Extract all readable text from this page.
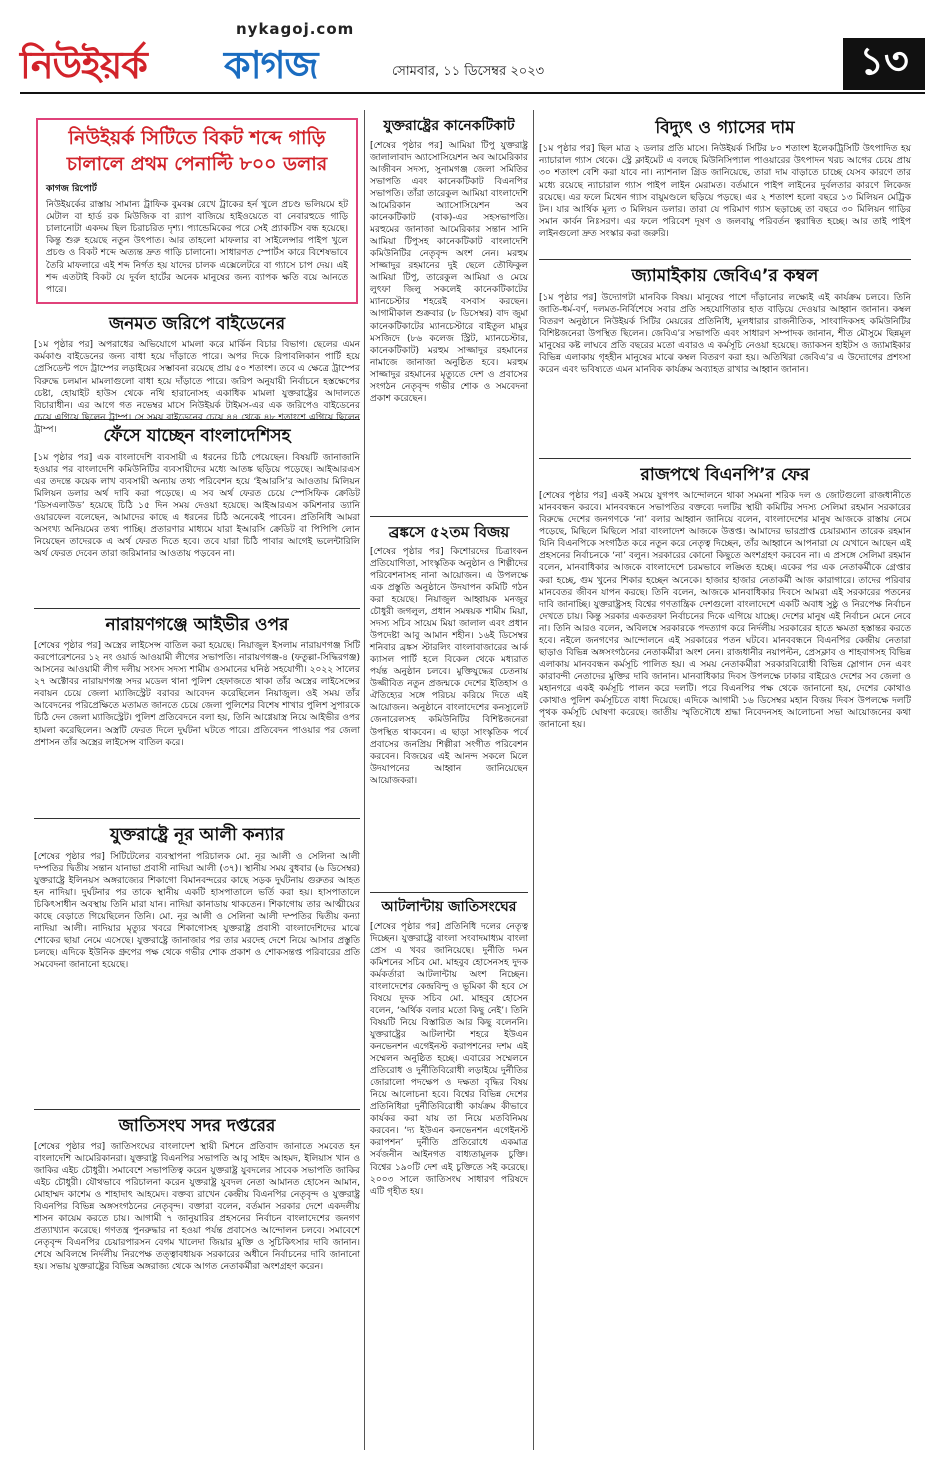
নিউইয়র্ক কাগজ
nykagoj.com
সোমবার, ১১ ডিসেম্বর ২০২৩	১৩
নিউইয়র্ক সিটিতে বিকট শব্দে গাড়ি চালালে প্রথম পেনাল্টি ৮০০ ডলার
কাগজ রিপোর্ট
নিউইয়র্কের রাস্তায় সামান্য ট্রাফিক বুমবক্স রেখে ট্রাকের হর্ন খুলে প্রচণ্ড ভলিয়মে হট মেটাল বা হার্ড রক মিউজিক বা র‍্যাপ বাজিয়ে হাইওয়েতে বা নেবারহুডে গাড়ি চালানোটা একদম ছিল চিরাচরিত দৃশ্য। প্যান্ডেমিকের পরে সেই প্র্যাকটিস বন্ধ হয়েছে। কিন্তু শুরু হয়েছে নতুন উৎপাত। আর তাহলো মাফলার বা সাইলেন্সার পাইপ খুলে প্রচণ্ড ও বিকট শব্দে অত্যন্ত দ্রুত গাড়ি চালানো। সাধারণত স্পোর্টস কারে বিশেষভাবে তৈরি মাফলারে এই শব্দ নির্গত হয় যাদের চালক এক্সেলেটরে বা গ্যাসে চাপ দেয়। এই শব্দ এতটাই বিকট যে দুর্বল হার্টের অনেক মানুষের জন্য ব্যাপক ক্ষতি বয়ে আনতে পারে।
জনমত জরিপে বাইডেনের
[১ম পৃষ্ঠার পর] অপরাধের অভিযোগে মামলা করে মার্কিন বিচার বিভাগ। ছেলের এমন কর্মকাণ্ড বাইডেনের জন্য বাধা হয়ে দাঁড়াতে পারে। অপর দিকে রিপাবলিকান পার্টি হয়ে প্রেসিডেন্ট পদে ট্রাম্পের লড়াইয়ের সম্ভাবনা রয়েছে প্রায় ৫০ শতাংশ। তবে এ ক্ষেত্রে ট্রাম্পের বিরুদ্ধে চলমান মামলাগুলো বাধা হয়ে দাঁড়াতে পারে। জরিপ অনুযায়ী নির্বাচনে হস্তক্ষেপের চেষ্টা, হোয়াইট হাউস থেকে নথি হারানোসহ একাধিক মামলা যুক্তরাষ্ট্রের আদালতে বিচারাধীন। এর আগে গত নভেম্বর মাসে নিউইয়র্ক টাইমস-এর এক জরিপেও বাইডেনের চেয়ে এগিয়ে ছিলেন ট্রাম্প। সে সময় বাইডেনের চেয়ে ৪৪ থেকে ৪৮ শতাংশে এগিয়ে ছিলেন ট্রাম্প।	ফেঁসে যাচ্ছেন বাংলাদেশিসহ
[১ম পৃষ্ঠার পর] এক বাংলাদেশি ব্যবসায়ী এ ধরনের চিঠি পেয়েছেন। বিষয়টি জানাজানি হওয়ার পর বাংলাদেশি কমিউনিটির ব্যবসায়ীদের মধ্যে আতঙ্ক ছড়িয়ে পড়েছে। আইআরএস এর তদন্তে কয়েক লাখ ব্যবসায়ী অন্যায় তথ্য পরিবেশন হয়ে ‘ইআরসি’র আওতায় মিলিয়ন মিলিয়ন ডলার অর্থ দাবি করা পড়েছে। এ সব অর্থ ফেরত চেয়ে স্পেসিফিক ক্রেডিট ‘ডিসএলাউড’ হয়েছে চিঠি ১৫ দিন সময় দেওয়া হয়েছে। আইআরএস কমিশনার ড্যানি ওয়ারফেল বলেছেন, আমাদের কাছে এ ধরনের চিঠি অনেকেই পাবেন। প্রতিনিধি আমরা অসংখ্য অনিয়মের তথ্য পাচ্ছি। প্রতারণার মাধ্যমে যারা ইআরসি ক্রেডিট বা পিপিপি লোন নিয়েছেন তাদেরকে এ অর্থ ফেরত দিতে হবে। তবে যারা চিঠি পাবার আগেই ভলেন্টারিলি অর্থ ফেরত দেবেন তারা জরিমানার আওতায় পড়বেন না।
নারায়ণগঞ্জে আইভীর ওপর
[শেষের পৃষ্ঠার পর] অস্ত্রের লাইসেন্স বাতিল করা হয়েছে। নিয়াজুল ইসলাম নারায়ণগঞ্জ সিটি করপোরেশনের ১২ নং ওয়ার্ড আওয়ামী লীগের সভাপতি। নারায়ণগঞ্জ-৪ (ফতুল্লা-সিদ্ধিরগঞ্জ) আসনের আওয়ামী লীগ দলীয় সংসদ সদস্য শামীম ওসমানের ঘনিষ্ঠ সহযোগী। ২০২২ সালের ২৭ অক্টোবর নারায়ণগঞ্জ সদর মডেল থানা পুলিশ হেফাজতে থাকা তাঁর অস্ত্রের লাইসেন্সের নবায়ন চেয়ে জেলা ম্যাজিস্ট্রেট বরাবর আবেদন করেছিলেন নিয়াজুল। ওই সময় তাঁর আবেদনের পরিপ্রেক্ষিতে মতামত জানতে চেয়ে জেলা পুলিশের বিশেষ শাখার পুলিশ সুপারকে চিঠি দেন জেলা ম্যাজিস্ট্রেট। পুলিশ প্রতিবেদনে বলা হয়, তিনি আগ্নেয়াস্ত্র নিয়ে আইভীর ওপর হামলা করেছিলেন। অস্ত্রটি ফেরত দিলে দুর্ঘটনা ঘটতে পারে। প্রতিবেদন পাওয়ার পর জেলা প্রশাসন তাঁর অস্ত্রের লাইসেন্স বাতিল করে।
যুক্তরাষ্ট্রে নূর আলী কন্যার
[শেষের পৃষ্ঠার পর] সিটিটেলের ব্যবস্থাপনা পরিচালক মো. নূর আলী ও সেলিনা আলী দম্পতির দ্বিতীয় সন্তান যানাভা প্রবাসী নাদিয়া আলী (৩৭)। স্থানীয় সময় বুধবার (৬ ডিসেম্বর) যুক্তরাষ্ট্রে ইলিনয়স অঙ্গরাজ্যের শিকাগো বিমানবন্দরের কাছে সড়ক দুর্ঘটনায় গুরুতর আহত হন নাদিয়া। দুর্ঘটনার পর তাকে স্থানীয় একটি হাসপাতালে ভর্তি করা হয়। হাসপাতালে চিকিৎসাধীন অবস্থায় তিনি মারা যান। নাদিয়া কানাডায় থাকতেন। শিকাগোয় তার আত্মীয়ের কাছে বেড়াতে গিয়েছিলেন তিনি। মো. নূর আলী ও সেলিনা আলী দম্পতির দ্বিতীয় কন্যা নাদিয়া আলী। নাদিয়ার মৃত্যুর খবরে শিকাগোসহ যুক্তরাষ্ট্র প্রবাসী বাংলাদেশিদের মাঝে শোকের ছায়া নেমে এসেছে। যুক্তরাষ্ট্রে জানাজার পর তার মরদেহ দেশে নিয়ে আসার প্রস্তুতি চলছে। এদিকে ইউনিক গ্রুপের পক্ষ থেকে গভীর শোক প্রকাশ ও শোকসন্তপ্ত পরিবারের প্রতি সমবেদনা জানানো হয়েছে।
জাতিসংঘ সদর দপ্তরের
[শেষের পৃষ্ঠার পর] জাতিসংঘের বাংলাদেশ স্থায়ী মিশনে প্রতিবাদ জানাতে সমবেত হন বাংলাদেশি আমেরিকানরা। যুক্তরাষ্ট্র বিএনপির সভাপতি আবু সাইদ আহমদ, ইলিয়াস খান ও জাকির এইচ চৌধুরী। সমাবেশে সভাপতিত্ব করেন যুক্তরাষ্ট্র যুবদলের সাবেক সভাপতি জাকির এইচ চৌধুরী। যৌথভাবে পরিচালনা করেন যুক্তরাষ্ট্র যুবদল নেতা আমানত হোসেন আমান, মোহাম্মদ কাশেম ও শাহাদাৎ আহমেদ। বক্তব্য রাখেন কেন্দ্রীয় বিএনপির নেতৃবৃন্দ ও যুক্তরাষ্ট্র বিএনপির বিভিন্ন অঙ্গসংগঠনের নেতৃবৃন্দ। বক্তারা বলেন, বর্তমান সরকার দেশে একদলীয় শাসন কায়েম করতে চায়। আগামী ৭ জানুয়ারির প্রহসনের নির্বাচন বাংলাদেশের জনগণ প্রত্যাখ্যান করেছে। গণতন্ত্র পুনরুদ্ধার না হওয়া পর্যন্ত প্রবাসেও আন্দোলন চলবে। সমাবেশে নেতৃবৃন্দ বিএনপির চেয়ারপারসন বেগম খালেদা জিয়ার মুক্তি ও সুচিকিৎসার দাবি জানান। শেষে অবিলম্বে নির্দলীয় নিরপেক্ষ তত্ত্বাবধায়ক সরকারের অধীনে নির্বাচনের দাবি জানানো হয়। সভায় যুক্তরাষ্ট্রের বিভিন্ন অঙ্গরাজ্য থেকে আগত নেতাকর্মীরা অংশগ্রহণ করেন।
যুক্তরাষ্ট্রের কানেকটিকাট
[শেষের পৃষ্ঠার পর] আমিয়া টিপু যুক্তরাষ্ট্র জালালাবাদ অ্যাসোসিয়েশন অব আমেরিকার আজীবন সদস্য, সুনামগঞ্জ জেলা সমিতির সভাপতি এবং কানেকটিকাট বিএনপির সভাপতি। তাঁরা তারেকুল আমিয়া বাংলাদেশি আমেরিকান অ্যাসোসিয়েশন অব কানেকটিকাট (বাক)-এর সহসভাপতি। মরহুমের জানাজা আমেরিকার সন্তান সানি আমিয়া টিপুসহ কানেকটিকাট বাংলাদেশি কমিউনিটির নেতৃবৃন্দ অংশ নেন। মরহুম সাজ্জাদুর রহমানের দুই ছেলে তৌফিকুল আমিয়া টিপু, তারেকুল আমিয়া ও মেয়ে লুৎফা জিলু সকলেই কানেকটিকাটের ম্যানচেস্টার শহরেই বসবাস করছেন। আগামীকাল শুক্রবার (৮ ডিসেম্বর) বাদ জুমা কানেকটিকাটের ম্যানচেস্টারে বাইতুল মামুর মসজিদে (৮৬ কলেজ স্ট্রিট, ম্যানচেস্টার, কানেকটিকাট) মরহুম সাজ্জাদুর রহমানের নামাজে জানাজা অনুষ্ঠিত হবে। মরহুম সাজ্জাদুর রহমানের মৃত্যুতে দেশ ও প্রবাসের সংগঠন নেতৃবৃন্দ গভীর শোক ও সমবেদনা প্রকাশ করেছেন।
ব্রঙ্কসে ৫২তম বিজয়
[শেষের পৃষ্ঠার পর] কিশোরদের চিত্রাংকন প্রতিযোগিতা, সাংস্কৃতিক অনুষ্ঠান ও শিল্পীদের পরিবেশনাসহ নানা আয়োজন। এ উপলক্ষে এক প্রস্তুতি অনুষ্ঠানে উদযাপন কমিটি গঠন করা হয়েছে। নিয়াজুল আহ্বায়ক মনজুর চৌধুরী জগলুল, প্রধান সমন্বয়ক শামীম মিয়া, সদস্য সচিব সায়েম মিয়া জালাল এবং প্রধান উপদেষ্টা আবু আমান শহীন। ১৬ই ডিসেম্বর শনিবার ব্রঙ্কস স্টারলিং বাংলাবাজারের আর্ক ক্যাসল পার্টি হলে বিকেল থেকে মধ্যরাত পর্যন্ত অনুষ্ঠান চলবে। মুক্তিযুদ্ধের চেতনায় উজ্জীবিত নতুন প্রজন্মকে দেশের ইতিহাস ও ঐতিহ্যের সঙ্গে পরিচয় করিয়ে দিতে এই আয়োজন। অনুষ্ঠানে বাংলাদেশের কনস্যুলেট জেনারেলসহ কমিউনিটির বিশিষ্টজনেরা উপস্থিত থাকবেন। এ ছাড়া সাংস্কৃতিক পর্বে প্রবাসের জনপ্রিয় শিল্পীরা সংগীত পরিবেশন করবেন। বিজয়ের এই আনন্দ সকলে মিলে উদযাপনের আহ্বান জানিয়েছেন আয়োজকরা।
আটলান্টায় জাতিসংঘের
[শেষের পৃষ্ঠার পর] প্রতিনিধি দলের নেতৃত্ব দিচ্ছেন। যুক্তরাষ্ট্রে বাংলা সংবাদমাধ্যম বাংলা প্রেস এ খবর জানিয়েছে। দুর্নীতি দমন কমিশনের সচিব মো. মাহবুব হোসেনসহ দুদক কর্মকর্তারা আটলান্টায় অংশ নিচ্ছেন। বাংলাদেশের কেন্দ্রবিন্দু ও ভূমিকা কী হবে সে বিষয়ে দুদক সচিব মো. মাহবুব হোসেন বলেন, ‘অর্থিক বলার মতো কিছু নেই’। তিনি বিষয়টি নিয়ে বিস্তারিত আর কিছু বলেননি। যুক্তরাষ্ট্রের আটলান্টা শহরে ইউএন কনভেনশন এগেইনস্ট করাপশনের দশম এই সম্মেলন অনুষ্ঠিত হচ্ছে। এবারের সম্মেলনে প্রতিরোধ ও দুর্নীতিবিরোধী লড়াইয়ে দুর্নীতির জোরালো পদক্ষেপ ও দক্ষতা বৃদ্ধির বিষয় নিয়ে আলোচনা হবে। বিশ্বের বিভিন্ন দেশের প্রতিনিধিরা দুর্নীতিবিরোধী কার্যক্রম কীভাবে কার্যকর করা যায় তা নিয়ে মতবিনিময় করবেন। ‘দ্য ইউএন কনভেনশন এগেইনস্ট করাপশন’ দুর্নীতি প্রতিরোধে একমাত্র সর্বজনীন আইনগত বাধ্যতামূলক চুক্তি। বিশ্বের ১৯০টি দেশ এই চুক্তিতে সই করেছে। ২০০৩ সালে জাতিসংঘ সাধারণ পরিষদে এটি গৃহীত হয়।
বিদ্যুৎ ও গ্যাসের দাম
[১ম পৃষ্ঠার পর] ছিল মাত্র ২ ডলার প্রতি মাসে। নিউইয়র্ক সিটির ৮০ শতাংশ ইলেকট্রিসিটি উৎপাদিত হয় ন্যাচারাল গ্যাস থেকে। স্ট্রে ক্লাইমেট এ বলছে মিউনিসিপ্যাল পাওয়ারের উৎপাদন খরচ আগের চেয়ে প্রায় ৩০ শতাংশ বেশি করা যাবে না। ন্যাশনাল গ্রিড জানিয়েছে, তারা দাম বাড়াতে চাচ্ছে যেসব কারণে তার মধ্যে রয়েছে ন্যাচারাল গ্যাস পাইপ লাইন মেরামত। বর্তমানে পাইপ লাইনের দুর্বলতার কারণে লিকেজ রয়েছে। এর ফলে মিথেন গ্যাস বায়ুমণ্ডলে ছড়িয়ে পড়ছে। এর ২ শতাংশ হলো বছরে ১৩ মিলিয়ন মেট্রিক টন। যার আর্থিক মূল্য ৩ মিলিয়ন ডলার। তারা যে পরিমাণ গ্যাস ছড়াচ্ছে তা বছরে ৩০ মিলিয়ন গাড়ির সমান কার্বন নিঃসরণ। এর ফলে পরিবেশ দূষণ ও জলবায়ু পরিবর্তন ত্বরান্বিত হচ্ছে। আর তাই পাইপ লাইনগুলো দ্রুত সংস্কার করা জরুরি।
জ্যামাইকায় জেবিএ’র কম্বল
[১ম পৃষ্ঠার পর] উদ্যোগটা মানবিক বিষয়। মানুষের পাশে দাঁড়ানোর লক্ষ্যেই এই কার্যক্রম চলবে। তিনি জাতি-ধর্ম-বর্ণ, দলমত-নির্বিশেষে সবার প্রতি সহযোগিতার হাত বাড়িয়ে দেওয়ার আহ্বান জানান। কম্বল বিতরণ অনুষ্ঠানে নিউইয়র্ক সিটির মেয়রের প্রতিনিধি, মূলধারার রাজনীতিক, সাংবাদিকসহ কমিউনিটির বিশিষ্টজনেরা উপস্থিত ছিলেন। জেবিএ’র সভাপতি এবং সাধারণ সম্পাদক জানান, শীত মৌসুমে ছিন্নমূল মানুষের কষ্ট লাঘবে প্রতি বছরের মতো এবারও এ কর্মসূচি নেওয়া হয়েছে। জ্যাকসন হাইটস ও জ্যামাইকার বিভিন্ন এলাকায় গৃহহীন মানুষের মাঝে কম্বল বিতরণ করা হয়। অতিথিরা জেবিএ’র এ উদ্যোগের প্রশংসা করেন এবং ভবিষ্যতে এমন মানবিক কার্যক্রম অব্যাহত রাখার আহ্বান জানান।
রাজপথে বিএনপি’র ফের
[শেষের পৃষ্ঠার পর] একই সময়ে যুগপৎ আন্দোলনে থাকা সমমনা শরিক দল ও জোটগুলো রাজধানীতে মানববন্ধন করবে। মানববন্ধনে সভাপতির বক্তব্যে দলটির স্থায়ী কমিটির সদস্য সেলিমা রহমান সরকারের বিরুদ্ধে দেশের জনগণকে ‘না’ বলার আহ্বান জানিয়ে বলেন, বাংলাদেশের মানুষ আজকে রাস্তায় নেমে পড়েছে, মিছিলে মিছিলে সারা বাংলাদেশ আজকে উত্তপ্ত। আমাদের ভারপ্রাপ্ত চেয়ারম্যান তারেক রহমান যিনি বিএনপিকে সংগঠিত করে নতুন করে নেতৃত্ব দিচ্ছেন, তাঁর আহ্বানে আপনারা যে যেখানে আছেন এই প্রহসনের নির্বাচনকে ‘না’ বলুন। সরকারের কোনো কিছুতে অংশগ্রহণ করবেন না। এ প্রসঙ্গে সেলিমা রহমান বলেন, মানবাধিকার আজকে বাংলাদেশে চরমভাবে লঙ্ঘিত হচ্ছে। একের পর এক নেতাকর্মীকে গ্রেপ্তার করা হচ্ছে, গুম খুনের শিকার হচ্ছেন অনেকে। হাজার হাজার নেতাকর্মী আজ কারাগারে। তাদের পরিবার মানবেতর জীবন যাপন করছে। তিনি বলেন, আজকে মানবাধিকার দিবসে আমরা এই সরকারের পতনের দাবি জানাচ্ছি। যুক্তরাষ্ট্রসহ বিশ্বের গণতান্ত্রিক দেশগুলো বাংলাদেশে একটি অবাধ সুষ্ঠু ও নিরপেক্ষ নির্বাচন দেখতে চায়। কিন্তু সরকার একতরফা নির্বাচনের দিকে এগিয়ে যাচ্ছে। দেশের মানুষ এই নির্বাচন মেনে নেবে না। তিনি আরও বলেন, অবিলম্বে সরকারকে পদত্যাগ করে নির্দলীয় সরকারের হাতে ক্ষমতা হস্তান্তর করতে হবে। নইলে জনগণের আন্দোলনে এই সরকারের পতন ঘটবে। মানববন্ধনে বিএনপির কেন্দ্রীয় নেতারা ছাড়াও বিভিন্ন অঙ্গসংগঠনের নেতাকর্মীরা অংশ নেন। রাজধানীর নয়াপল্টন, প্রেসক্লাব ও শাহবাগসহ বিভিন্ন এলাকায় মানববন্ধন কর্মসূচি পালিত হয়। এ সময় নেতাকর্মীরা সরকারবিরোধী বিভিন্ন স্লোগান দেন এবং কারাবন্দী নেতাদের মুক্তির দাবি জানান। মানবাধিকার দিবস উপলক্ষে ঢাকার বাইরেও দেশের সব জেলা ও মহানগরে একই কর্মসূচি পালন করে দলটি। পরে বিএনপির পক্ষ থেকে জানানো হয়, দেশের কোথাও কোথাও পুলিশ কর্মসূচিতে বাধা দিয়েছে। এদিকে আগামী ১৬ ডিসেম্বর মহান বিজয় দিবস উপলক্ষে দলটি পৃথক কর্মসূচি ঘোষণা করেছে। জাতীয় স্মৃতিসৌধে শ্রদ্ধা নিবেদনসহ আলোচনা সভা আয়োজনের কথা জানানো হয়।
